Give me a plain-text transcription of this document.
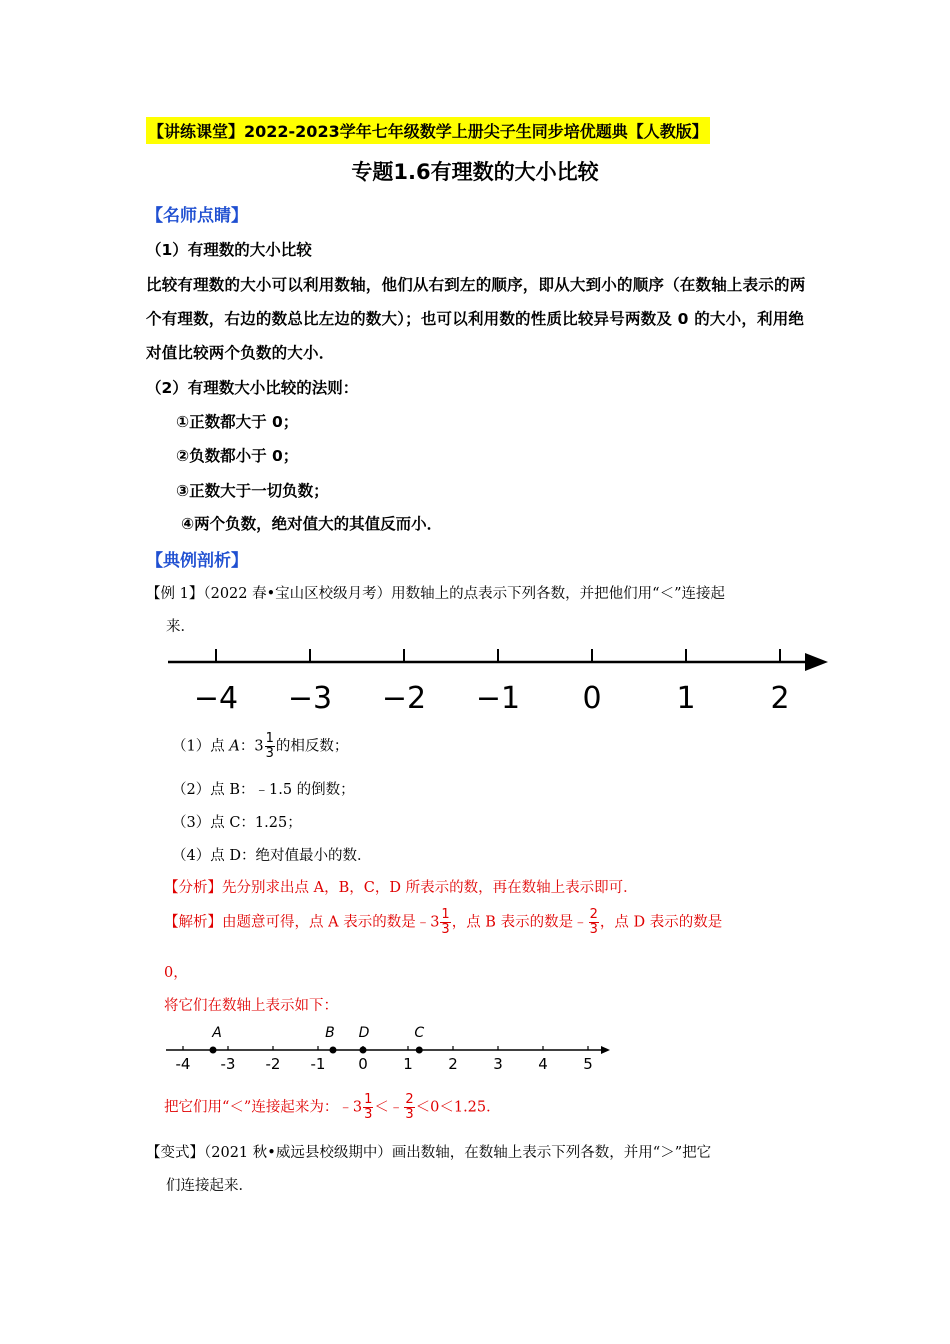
【讲练课堂】2022-2023学年七年级数学上册尖子生同步培优题典【人教版】
专题1.6有理数的大小比较
【名师点睛】
（1）有理数的大小比较
比较有理数的大小可以利用数轴，他们从右到左的顺序，即从大到小的顺序（在数轴上表示的两个有理数，右边的数总比左边的数大）；也可以利用数的性质比较异号两数及 0 的大小，利用绝对值比较两个负数的大小．
（2）有理数大小比较的法则：
①正数都大于 0；
②负数都小于 0；
③正数大于一切负数；
④两个负数，绝对值大的其值反而小．
【典例剖析】
【例 1】（2022 春•宝山区校级月考）用数轴上的点表示下列各数，并把他们用“＜”连接起
来．
−4 −3 −2 −1 0 1 2
（1）点 A：$3 \frac{1}{3}$ 的相反数；
（2）点 B：﹣1.5 的倒数；
（3）点 C：1.25；
（4）点 D：绝对值最小的数．
【分析】先分别求出点 A，B，C，D 所表示的数，再在数轴上表示即可．
【解析】由题意可得，点 A 表示的数是﹣3 $\frac{1}{3}$ ，点 B 表示的数是﹣ $\frac{2}{3}$ ，点 D 表示的数是
0，
将它们在数轴上表示如下：
-4 -3 -2 -1 0 1 2 3 4 5
A	B D	C
把它们用“＜”连接起来为：﹣3 $\frac{1}{3}$ ＜﹣ $\frac{2}{3} <0<1.25$．
【变式】（2021 秋•威远县校级期中）画出数轴，在数轴上表示下列各数，并用“＞”把它
们连接起来．
